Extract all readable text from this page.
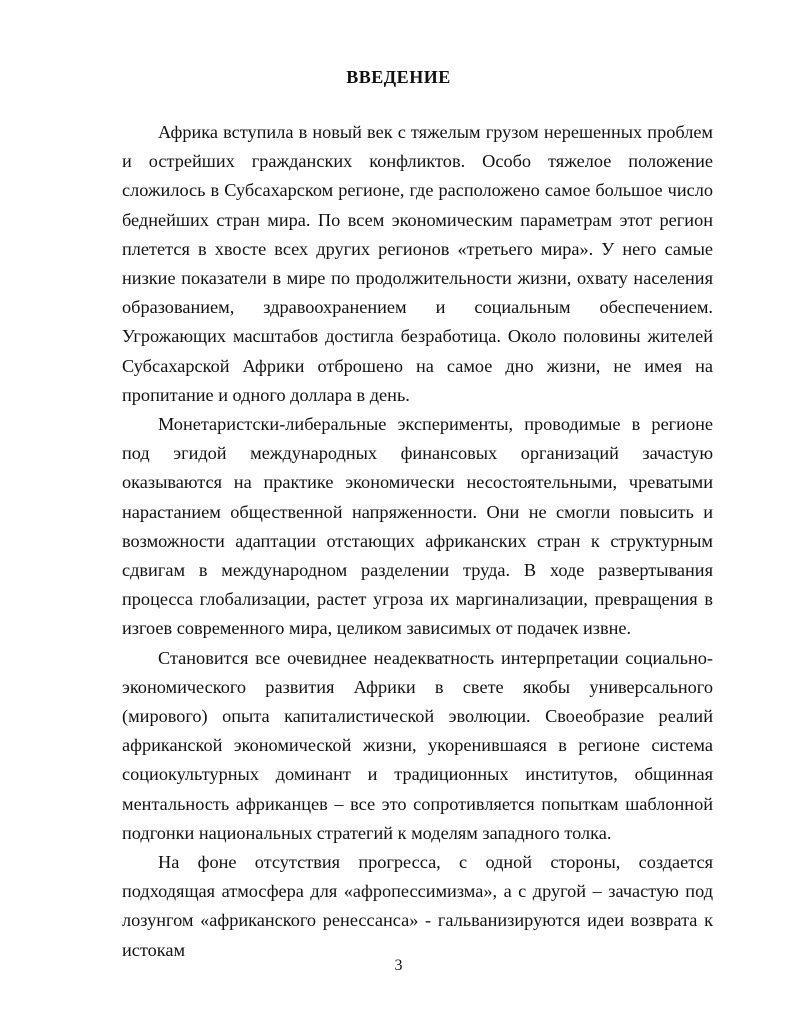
ВВЕДЕНИЕ

Африка вступила в новый век с тяжелым грузом нерешенных проблем и острейших гражданских конфликтов. Особо тяжелое положение сложилось в Субсахарском регионе, где расположено самое большое число беднейших стран мира. По всем экономическим параметрам этот регион плетется в хвосте всех других регионов «третьего мира». У него самые низкие показатели в мире по продолжительности жизни, охвату населения образованием, здравоохранением и социальным обеспечением. Угрожающих масштабов достигла безработица. Около половины жителей Субсахарской Африки отброшено на самое дно жизни, не имея на пропитание и одного доллара в день.

Монетаристски-либеральные эксперименты, проводимые в регионе под эгидой международных финансовых организаций зачастую оказываются на практике экономически несостоятельными, чреватыми нарастанием общественной напряженности. Они не смогли повысить и возможности адаптации отстающих африканских стран к структурным сдвигам в международном разделении труда. В ходе развертывания процесса глобализации, растет угроза их маргинализации, превращения в изгоев современного мира, целиком зависимых от подачек извне.

Становится все очевиднее неадекватность интерпретации социально-экономического развития Африки в свете якобы универсального (мирового) опыта капиталистической эволюции. Своеобразие реалий африканской экономической жизни, укоренившаяся в регионе система социокультурных доминант и традиционных институтов, общинная ментальность африканцев – все это сопротивляется попыткам шаблонной подгонки национальных стратегий к моделям западного толка.

На фоне отсутствия прогресса, с одной стороны, создается подходящая атмосфера для «афропессимизма», а с другой – зачастую под лозунгом «африканского ренессанса» - гальванизируются идеи возврата к истокам

3
